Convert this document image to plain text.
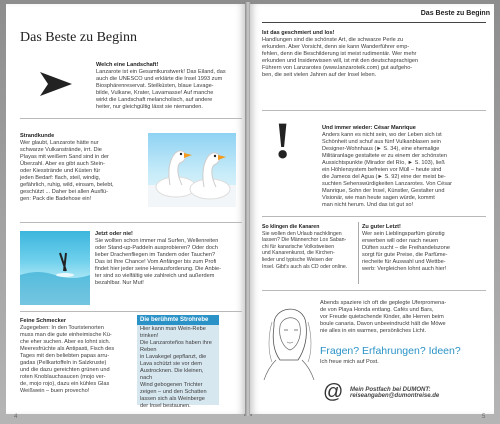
Das Beste zu Beginn
Welch eine Landschaft!
Lanzarote ist ein Gesamtkunstwerk! Das Eiland, das
auch die UNESCO und erklärte die Insel 1993 zum
Biosphärenreservat. Steilküsten, blaue Lavage-
bilde, Vulkane, Krater, Lavamasse! Auf manche
wirkt die Landschaft melancholisch, auf andere
heiter, nur gleichgültig lässt sie niemanden.
Strandkunde
Wer glaubt, Lanzarote hätte nur
schwarze Vulkanstrände, irrt. Die
Playas mit weißem Sand sind in der
Überzahl. Aber es gibt auch Stein-
oder Kiesstrände und Küsten für
jeden Bedarf: flach, steil, windig,
gefährlich, ruhig, wild, einsam, belebt,
geschützt ... Daher bei allen Ausflü-
gen: Pack die Badehose ein!
Jetzt oder nie!
Sie wollten schon immer mal Surfen, Wellenreiten
oder Stand-up-Paddeln ausprobieren? Oder doch
lieber Drachenfliegen im Tandem oder Tauchen?
Das ist Ihre Chance! Vom Anfänger bis zum Profi
findet hier jeder seine Herausforderung. Die Anbie-
ter sind so vielfältig wie zahlreich und außerdem
bezahlbar. Nur Mut!
Feine Schmecker
Zugegeben: In den Touristenorten
muss man die gute einheimische Kü-
che eher suchen. Aber es lohnt sich.
Meeresfrüchte als Antipasti, Fisch des
Tages mit den beliebten papas arru-
gadas (Pellkartoffeln in Salzkruste)
und die dazu gereichten grünen und
roten Knoblauchsaucen (mojo ver-
de, mojo rojo), dazu ein kühles Glas
Weißwein – buen provecho!
Die berühmte Strohrebe
Hier kann man Wein-Rebe trinken!
Die Lanzaroteños haben ihre Reben
in Lavakegel gepflanzt, die
Lava schützt sie vor dem
Austrocknen. Die kleinen, nach
Wind gebogenen Trichter
zeigen – und den Schatten
lassen sich als Weinberge
der Insel bestaunen.
4
Das Beste zu Beginn
Ist das geschmiert und los!
Handlungen sind die schönste Art, die schwarze Perle zu
erkunden. Aber Vorsicht, denn sie kann Wanderführer emp-
fehlen, denn die Beschilderung ist meist rudimentär. Wer mehr
erkunden und Insiderwissen will, ist mit den deutschsprachigen
Führern von Lanzarotes (www.lanzaroteik.com) gut aufgeho-
ben, die seit vielen Jahren auf der Insel leben.
!	Und immer wieder: César Manrique
Anders kann es nicht sein, wo der Leben sich ist
Schönheit und schuf aus fünf Vulkanblasen sein
Designer-Wohnhaus (► S. 34), eine ehemalige
Militäranlage gestaltete er zu einem der schönsten
Aussichtspunkte (Mirador del Río, ► S. 103), ließ
ein Höhlensystem befreien vor Müll – heute sind
die Jameos del Agua (► S. 92) eine der meist be-
suchten Sehenswürdigkeiten Lanzarotes. Von César
Manrique, Sohn der Insel, Künstler, Gestalter und
Visionär, wie man heute sagen würde, kommt
man nicht herum. Und das ist gut so!
So klingen die Kanaren
Sie wollen den Urlaub nachklingen
lassen? Die Männerchor Los Saban-
chi für kanarische Volkstweisen
und Kanarenkunst, die Kirchen-
lieder und typische Weisen der
Insel. Gibt's auch als CD oder online.
Zu guter Letzt!
Wer sein Lieblingsparfüm günstig
erwerben will oder nach neuen
Düften sucht – die Freihandelszone
sorgt für gute Preise, die Parfüme-
riecheite für Auswahl und Wettbe-
werb: Vergleichen lohnt auch hier!
Abends spaziere ich oft die geplegte Uferpromena-
de von Playa Honda entlang. Cafés und Bars,
vor Freude quietschende Kinder, alte Herren beim
boule canaria. Davon unbeeindruckt hält die Möwe
nie alles in ein warmes, persönliches Licht.
Fragen? Erfahrungen? Ideen?
Ich freue mich auf Post.
@ Mein Postfach bei DUMONT:
reiseangaben@dumontreise.de
5
